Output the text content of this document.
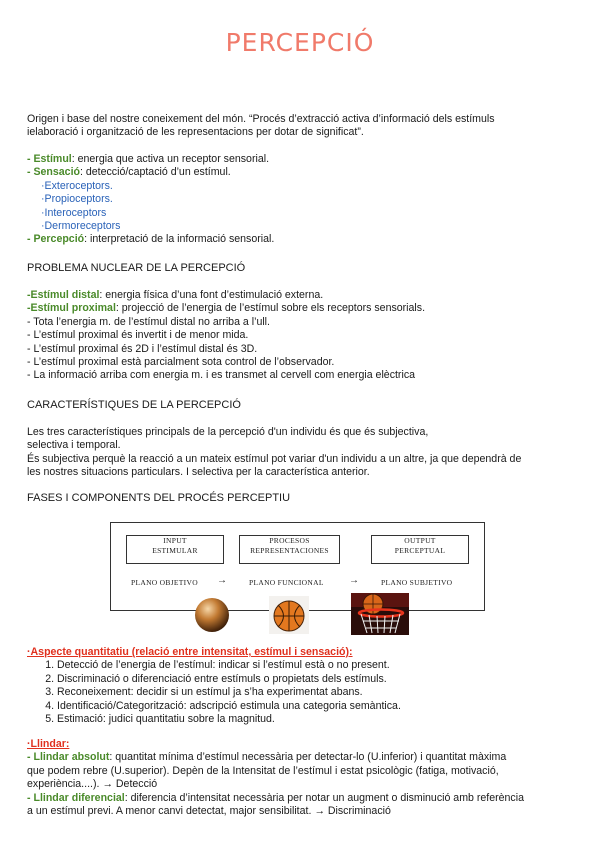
PERCEPCIÓ
Origen i base del nostre coneixement del món. “Procés d’extracció activa d’informació dels estímuls
ielaboració i organització de les representacions per dotar de significat”.
- Estímul: energia que activa un receptor sensorial.
- Sensació: detecció/captació d’un estímul.
·Exteroceptors.
·Propioceptors.
·Interoceptors
·Dermoreceptors
- Percepció: interpretació de la informació sensorial.
PROBLEMA NUCLEAR DE LA PERCEPCIÓ
-Estímul distal: energia física d’una font d’estimulació externa.
-Estímul proximal: projecció de l’energia de l’estímul sobre els receptors sensorials.
- Tota l’energia m. de l’estímul distal no arriba a l’ull.
- L’estímul proximal és invertit i de menor mida.
- L’estímul proximal és 2D i l’estímul distal és 3D.
- L’estímul proximal està parcialment sota control de l’observador.
- La informació arriba com energia m. i es transmet al cervell com energia elèctrica
CARACTERÍSTIQUES DE LA PERCEPCIÓ
Les tres característiques principals de la percepció d'un individu és que és subjectiva,
selectiva i temporal.
És subjectiva perquè la reacció a un mateix estímul pot variar d'un individu a un altre, ja que dependrà de
les nostres situacions particulars. I selectiva per la característica anterior.
FASES I COMPONENTS DEL PROCÉS PERCEPTIU
INPUT
ESTIMULAR
PROCESOS
REPRESENTACIONES
OUTPUT
PERCEPTUAL
PLANO OBJETIVO →	PLANO FUNCIONAL	→	PLANO SUBJETIVO
·Aspecte quantitatiu (relació entre intensitat, estímul i sensació):
1. Detecció de l’energia de l’estímul: indicar si l’estímul està o no present.
2. Discriminació o diferenciació entre estímuls o propietats dels estímuls.
3. Reconeixement: decidir si un estímul ja s’ha experimentat abans.
4. Identificació/Categorització: adscripció estimula una categoria semàntica.
5. Estimació: judici quantitatiu sobre la magnitud.
·Llindar:
- Llindar absolut: quantitat mínima d’estímul necessària per detectar-lo (U.inferior) i quantitat màxima
que podem rebre (U.superior). Depèn de la Intensitat de l’estímul i estat psicològic (fatiga, motivació,
experiència....). → Detecció
- Llindar diferencial: diferencia d’intensitat necessària per notar un augment o disminució amb referència
a un estímul previ. A menor canvi detectat, major sensibilitat. → Discriminació
